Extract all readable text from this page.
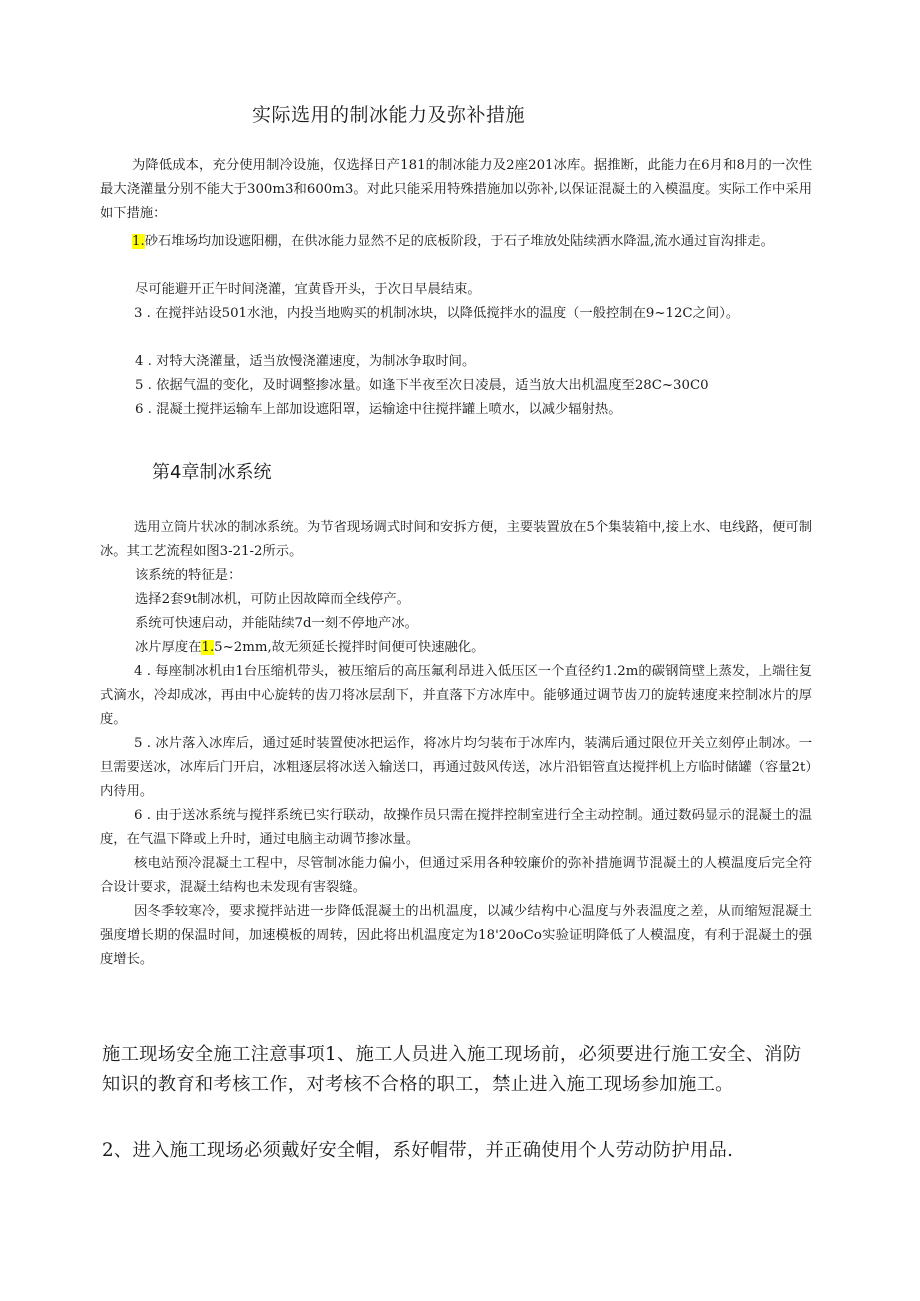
实际选用的制冰能力及弥补措施
为降低成本，充分使用制冷设施，仅选择日产181的制冰能力及2座201冰库。据推断，此能力在6月和8月的一次性最大浇灌量分别不能大于300m3和600m3。对此只能采用特殊措施加以弥补,以保证混凝土的入模温度。实际工作中采用如下措施：
1.砂石堆场均加设遮阳棚，在供冰能力显然不足的底板阶段，于石子堆放处陆续洒水降温,流水通过盲沟排走。
尽可能避开正午时间浇灌，宜黄昏开头，于次日早晨结束。
3 . 在搅拌站设501水池，内投当地购买的机制冰块，以降低搅拌水的温度（一般控制在9~12C之间）。
4 . 对特大浇灌量，适当放慢浇灌速度，为制冰争取时间。
5 . 依据气温的变化，及时调整掺冰量。如逢下半夜至次日凌晨，适当放大出机温度至28C~30C0
6 . 混凝土搅拌运输车上部加设遮阳罩，运输途中往搅拌罐上喷水，以减少辐射热。
第4章制冰系统
选用立筒片状冰的制冰系统。为节省现场调式时间和安拆方便，主要装置放在5个集装箱中,接上水、电线路，便可制冰。其工艺流程如图3-21-2所示。
该系统的特征是：
选择2套9t制冰机，可防止因故障而全线停产。
系统可快速启动，并能陆续7d一刻不停地产冰。
冰片厚度在1.5~2mm,故无须延长搅拌时间便可快速融化。
4 . 每座制冰机由1台压缩机带头，被压缩后的高压氟利昂进入低压区一个直径约1.2m的碳钢筒壁上蒸发，上端往复式滴水，冷却成冰，再由中心旋转的齿刀将冰层刮下，并直落下方冰库中。能够通过调节齿刀的旋转速度来控制冰片的厚度。
5 . 冰片落入冰库后，通过延时装置使冰把运作，将冰片均匀装布于冰库内，装满后通过限位开关立刻停止制冰。一旦需要送冰，冰库后门开启，冰粗逐层将冰送入输送口，再通过鼓风传送，冰片沿铝管直达搅拌机上方临时储罐（容量2t）内待用。
6 . 由于送冰系统与搅拌系统已实行联动，故操作员只需在搅拌控制室进行全主动控制。通过数码显示的混凝土的温度，在气温下降或上升时，通过电脑主动调节掺冰量。
核电站预冷混凝土工程中，尽管制冰能力偏小，但通过采用各种较廉价的弥补措施调节混凝土的人模温度后完全符合设计要求，混凝土结构也未发现有害裂缝。
因冬季较寒冷，要求搅拌站进一步降低混凝土的出机温度，以减少结构中心温度与外表温度之差，从而缩短混凝土强度增长期的保温时间，加速模板的周转，因此将出机温度定为18'20oCo实验证明降低了人模温度，有利于混凝土的强度增长。
施工现场安全施工注意事项1、施工人员进入施工现场前，必须要进行施工安全、消防知识的教育和考核工作，对考核不合格的职工，禁止进入施工现场参加施工。
2、进入施工现场必须戴好安全帽，系好帽带，并正确使用个人劳动防护用品.
